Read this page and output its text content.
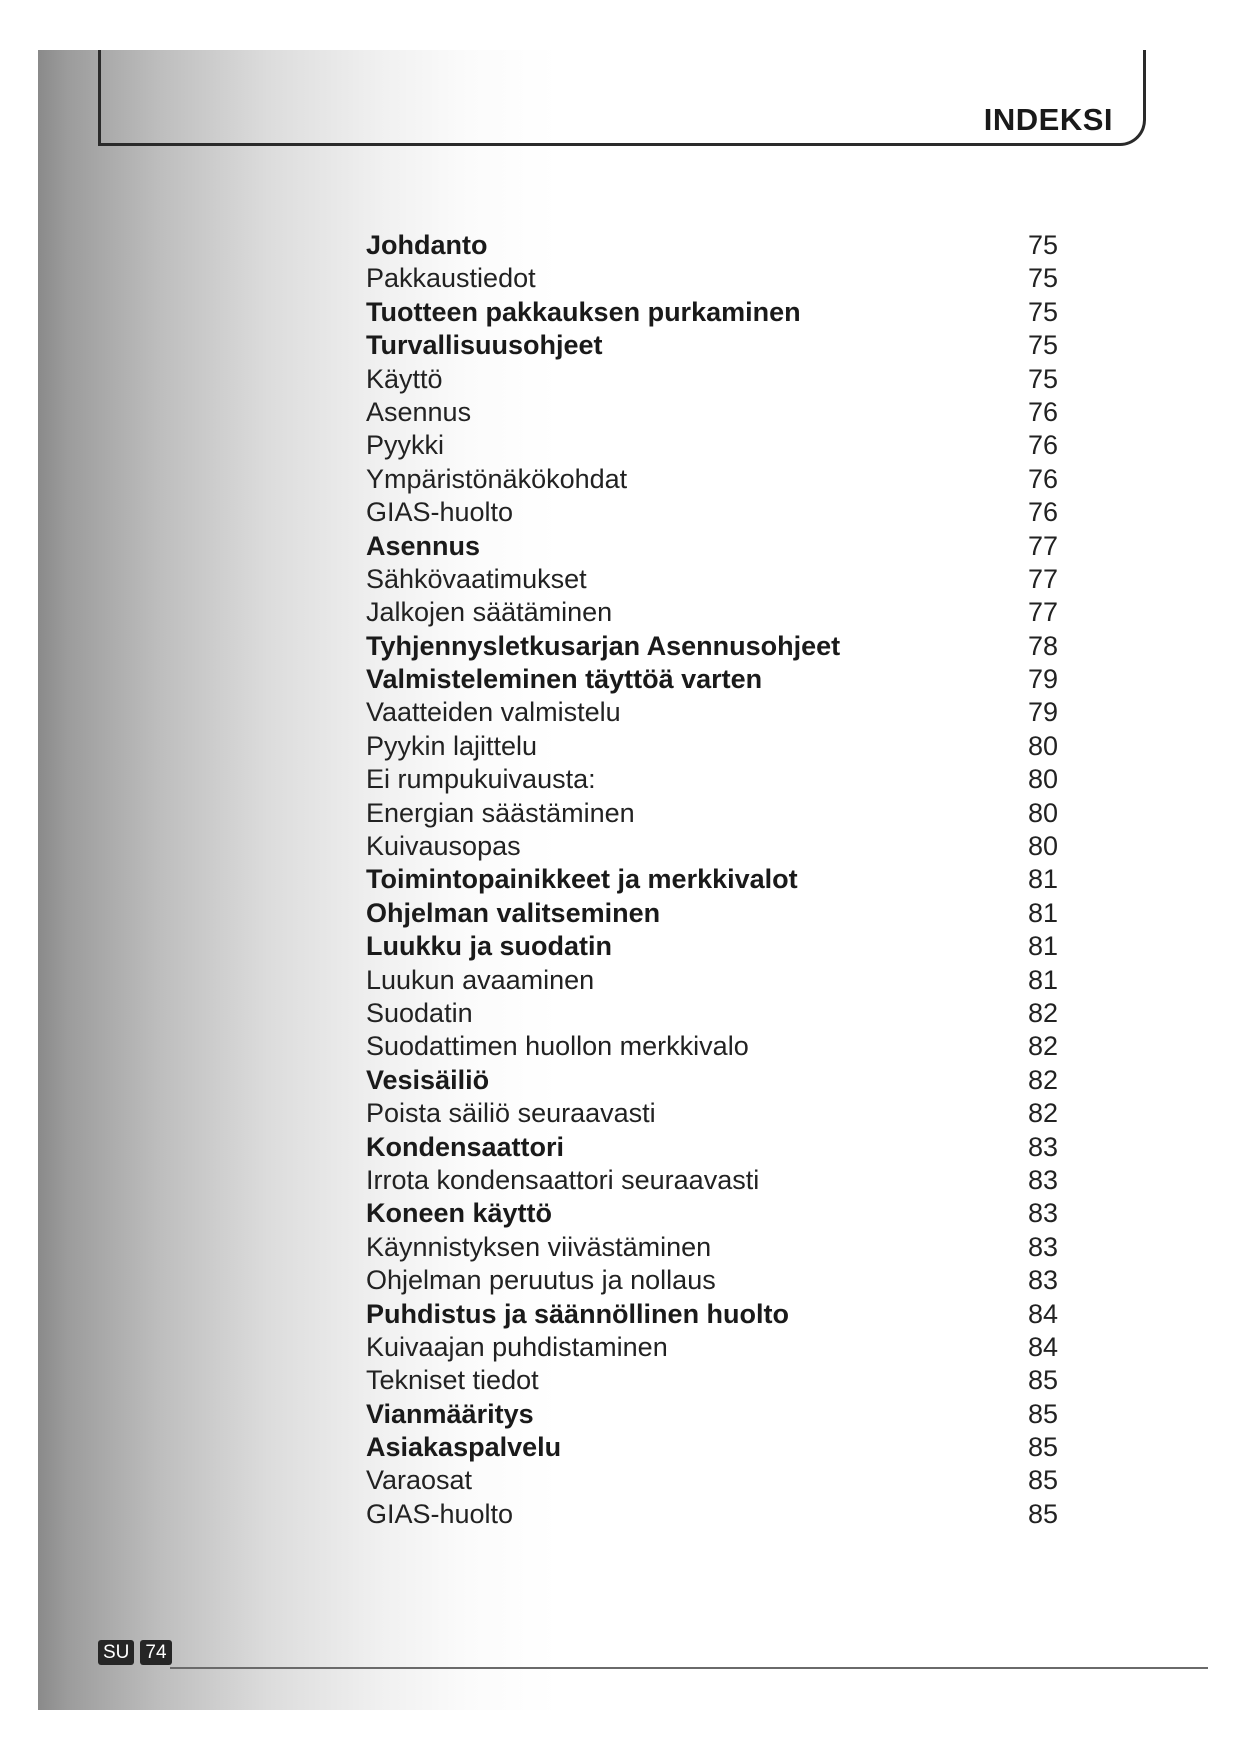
INDEKSI
Johdanto	75
Pakkaustiedot	75
Tuotteen pakkauksen purkaminen	75
Turvallisuusohjeet	75
Käyttö	75
Asennus	76
Pyykki	76
Ympäristönäkökohdat	76
GIAS-huolto	76
Asennus	77
Sähkövaatimukset	77
Jalkojen säätäminen	77
Tyhjennysletkusarjan Asennusohjeet	78
Valmisteleminen täyttöä varten	79
Vaatteiden valmistelu	79
Pyykin lajittelu	80
Ei rumpukuivausta:	80
Energian säästäminen	80
Kuivausopas	80
Toimintopainikkeet ja merkkivalot	81
Ohjelman valitseminen	81
Luukku ja suodatin	81
Luukun avaaminen	81
Suodatin	82
Suodattimen huollon merkkivalo	82
Vesisäiliö	82
Poista säiliö seuraavasti	82
Kondensaattori	83
Irrota kondensaattori seuraavasti	83
Koneen käyttö	83
Käynnistyksen viivästäminen	83
Ohjelman peruutus ja nollaus	83
Puhdistus ja säännöllinen huolto	84
Kuivaajan puhdistaminen	84
Tekniset tiedot	85
Vianmääritys	85
Asiakaspalvelu	85
Varaosat	85
GIAS-huolto	85
SU 74
